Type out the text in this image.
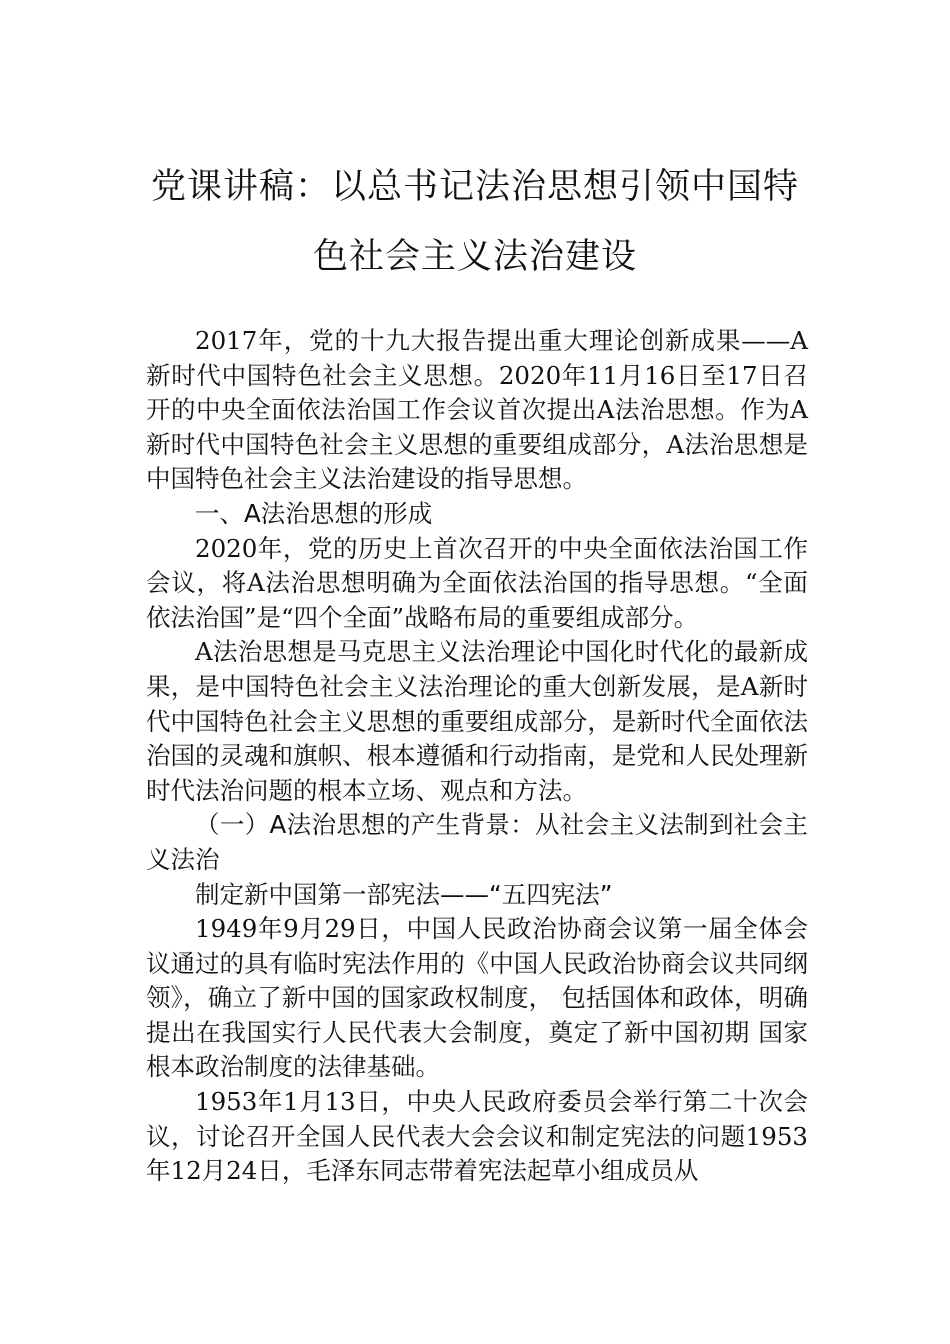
党课讲稿：以总书记法治思想引领中国特
色社会主义法治建设

2017年，党的十九大报告提出重大理论创新成果——A新时代中国特色社会主义思想。2020年11月16日至17日召开的中央全面依法治国工作会议首次提出A法治思想。作为A新时代中国特色社会主义思想的重要组成部分，A法治思想是中国特色社会主义法治建设的指导思想。

一、A法治思想的形成

2020年，党的历史上首次召开的中央全面依法治国工作会议，将A法治思想明确为全面依法治国的指导思想。“全面依法治国”是“四个全面”战略布局的重要组成部分。

A法治思想是马克思主义法治理论中国化时代化的最新成果，是中国特色社会主义法治理论的重大创新发展，是A新时代中国特色社会主义思想的重要组成部分，是新时代全面依法治国的灵魂和旗帜、根本遵循和行动指南，是党和人民处理新时代法治问题的根本立场、观点和方法。

（一）A法治思想的产生背景：从社会主义法制到社会主义法治

制定新中国第一部宪法——“五四宪法”

1949年9月29日，中国人民政治协商会议第一届全体会议通过的具有临时宪法作用的《中国人民政治协商会议共同纲领》，确立了新中国的国家政权制度， 包括国体和政体，明确提出在我国实行人民代表大会制度，奠定了新中国初期 国家根本政治制度的法律基础。

1953年1月13日，中央人民政府委员会举行第二十次会议，讨论召开全国人民代表大会会议和制定宪法的问题1953年12月24日，毛泽东同志带着宪法起草小组成员从
